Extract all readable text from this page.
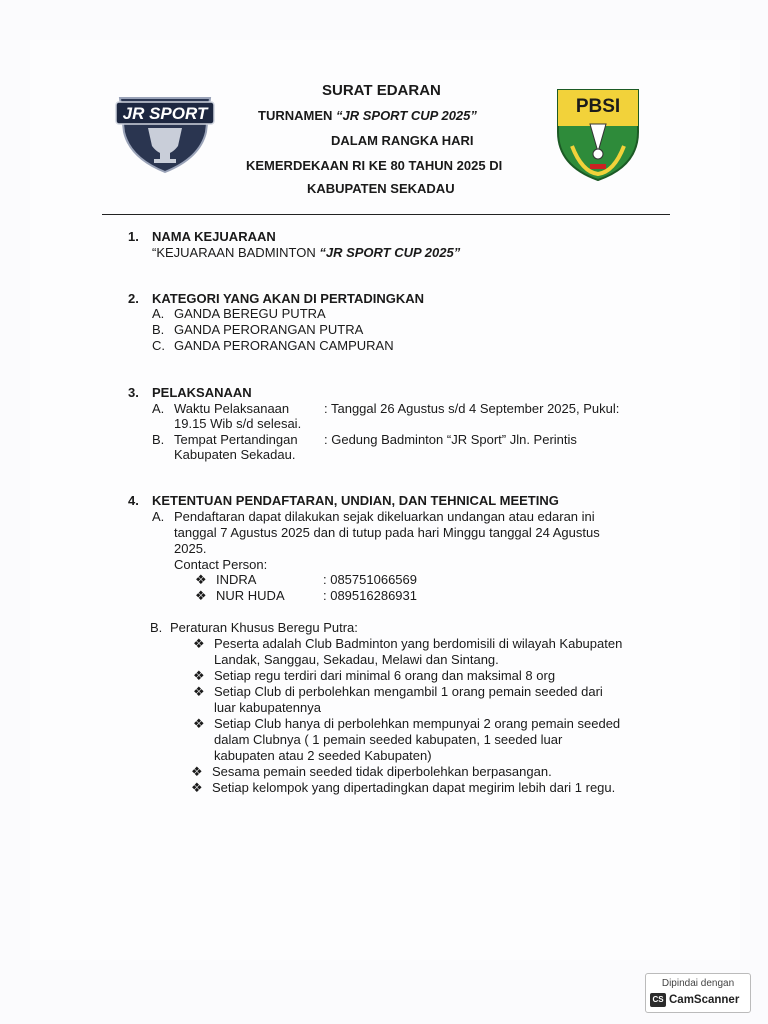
JR SPORT	PBSI
SURAT EDARAN
TURNAMEN “JR SPORT CUP 2025”
DALAM RANGKA HARI
KEMERDEKAAN RI KE 80 TAHUN 2025 DI
KABUPATEN SEKADAU
1. NAMA KEJUARAAN
“KEJUARAAN BADMINTON “JR SPORT CUP 2025”
2. KATEGORI YANG AKAN DI PERTADINGKAN
A. GANDA BEREGU PUTRA
B. GANDA PERORANGAN PUTRA
C. GANDA PERORANGAN CAMPURAN
3. PELAKSANAAN
A. Waktu Pelaksanaan	: Tanggal 26 Agustus s/d 4 September 2025, Pukul:
19.15 Wib s/d selesai.
B. Tempat Pertandingan : Gedung Badminton “JR Sport” Jln. Perintis
Kabupaten Sekadau.
4. KETENTUAN PENDAFTARAN, UNDIAN, DAN TEHNICAL MEETING
A. Pendaftaran dapat dilakukan sejak dikeluarkan undangan atau edaran ini
tanggal 7 Agustus 2025 dan di tutup pada hari Minggu tanggal 24 Agustus
2025.
Contact Person:
❖ INDRA	: 085751066569
❖ NUR HUDA	: 089516286931
B. Peraturan Khusus Beregu Putra:
❖ Peserta adalah Club Badminton yang berdomisili di wilayah Kabupaten
Landak, Sanggau, Sekadau, Melawi dan Sintang.
❖ Setiap regu terdiri dari minimal 6 orang dan maksimal 8 org
❖ Setiap Club di perbolehkan mengambil 1 orang pemain seeded dari
luar kabupatennya
❖ Setiap Club hanya di perbolehkan mempunyai 2 orang pemain seeded
dalam Clubnya ( 1 pemain seeded kabupaten, 1 seeded luar
kabupaten atau 2 seeded Kabupaten)
❖ Sesama pemain seeded tidak diperbolehkan berpasangan.
❖ Setiap kelompok yang dipertadingkan dapat megirim lebih dari 1 regu.
Dipindai dengan
CS CamScanner
